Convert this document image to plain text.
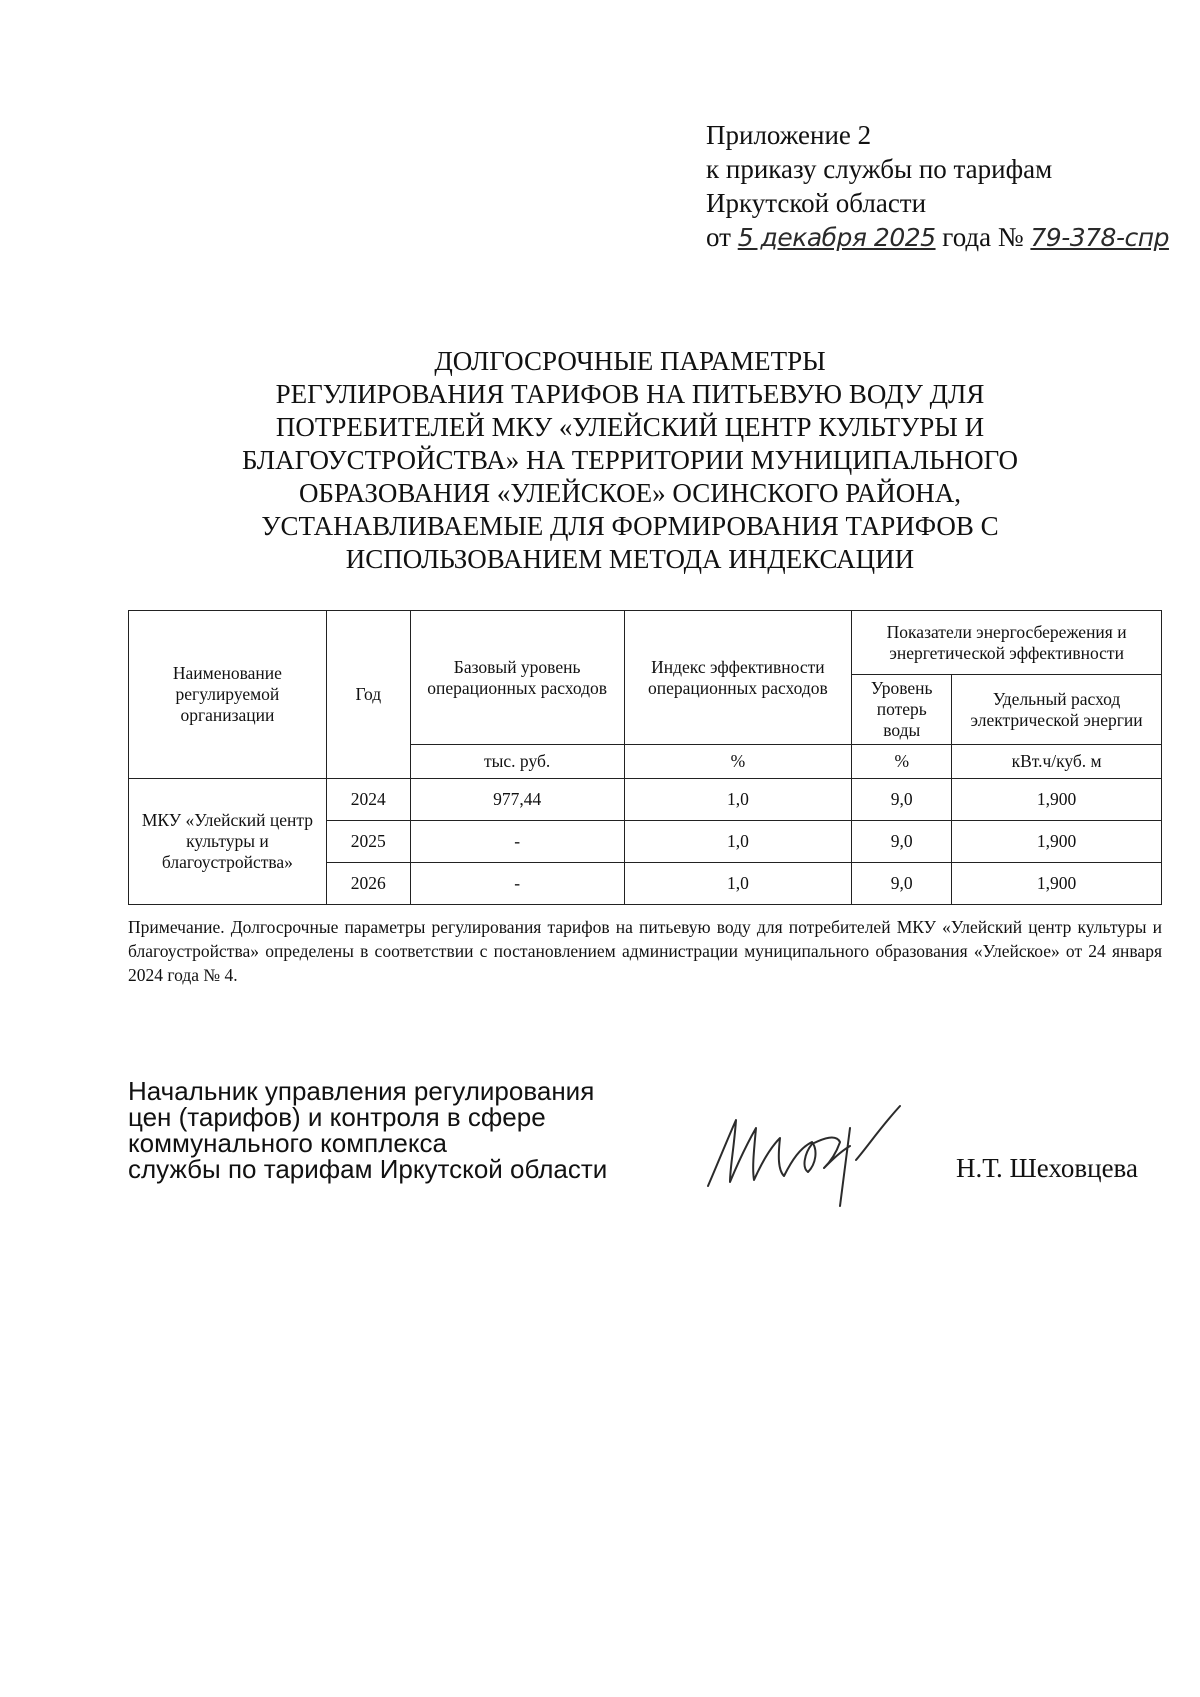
Приложение 2
к приказу службы по тарифам
Иркутской области
от 5 декабря 2025 года № 79-378-спр
ДОЛГОСРОЧНЫЕ ПАРАМЕТРЫ
РЕГУЛИРОВАНИЯ ТАРИФОВ НА ПИТЬЕВУЮ ВОДУ ДЛЯ
ПОТРЕБИТЕЛЕЙ МКУ «УЛЕЙСКИЙ ЦЕНТР КУЛЬТУРЫ И
БЛАГОУСТРОЙСТВА» НА ТЕРРИТОРИИ МУНИЦИПАЛЬНОГО
ОБРАЗОВАНИЯ «УЛЕЙСКОЕ» ОСИНСКОГО РАЙОНА,
УСТАНАВЛИВАЕМЫЕ ДЛЯ ФОРМИРОВАНИЯ ТАРИФОВ С
ИСПОЛЬЗОВАНИЕМ МЕТОДА ИНДЕКСАЦИИ
Наименование регулируемой организации	Год	Базовый уровень операционных расходов	Индекс эффективности операционных расходов	Показатели энергосбережения и энергетической эффективности	
				Уровень потерь воды	Удельный расход электрической энергии
		тыс. руб.	%	%	кВт.ч/куб. м
МКУ «Улейский центр культуры и благоустройства»	2024	977,44	1,0	9,0	1,900
	2025	-	1,0	9,0	1,900
	2026	-	1,0	9,0	1,900
Примечание. Долгосрочные параметры регулирования тарифов на питьевую воду для потребителей МКУ «Улейский центр культуры и благоустройства» определены в соответствии с постановлением администрации муниципального образования «Улейское» от 24 января 2024 года № 4.
Начальник управления регулирования
цен (тарифов) и контроля в сфере
коммунального комплекса
службы по тарифам Иркутской области	Н.Т. Шеховцева
